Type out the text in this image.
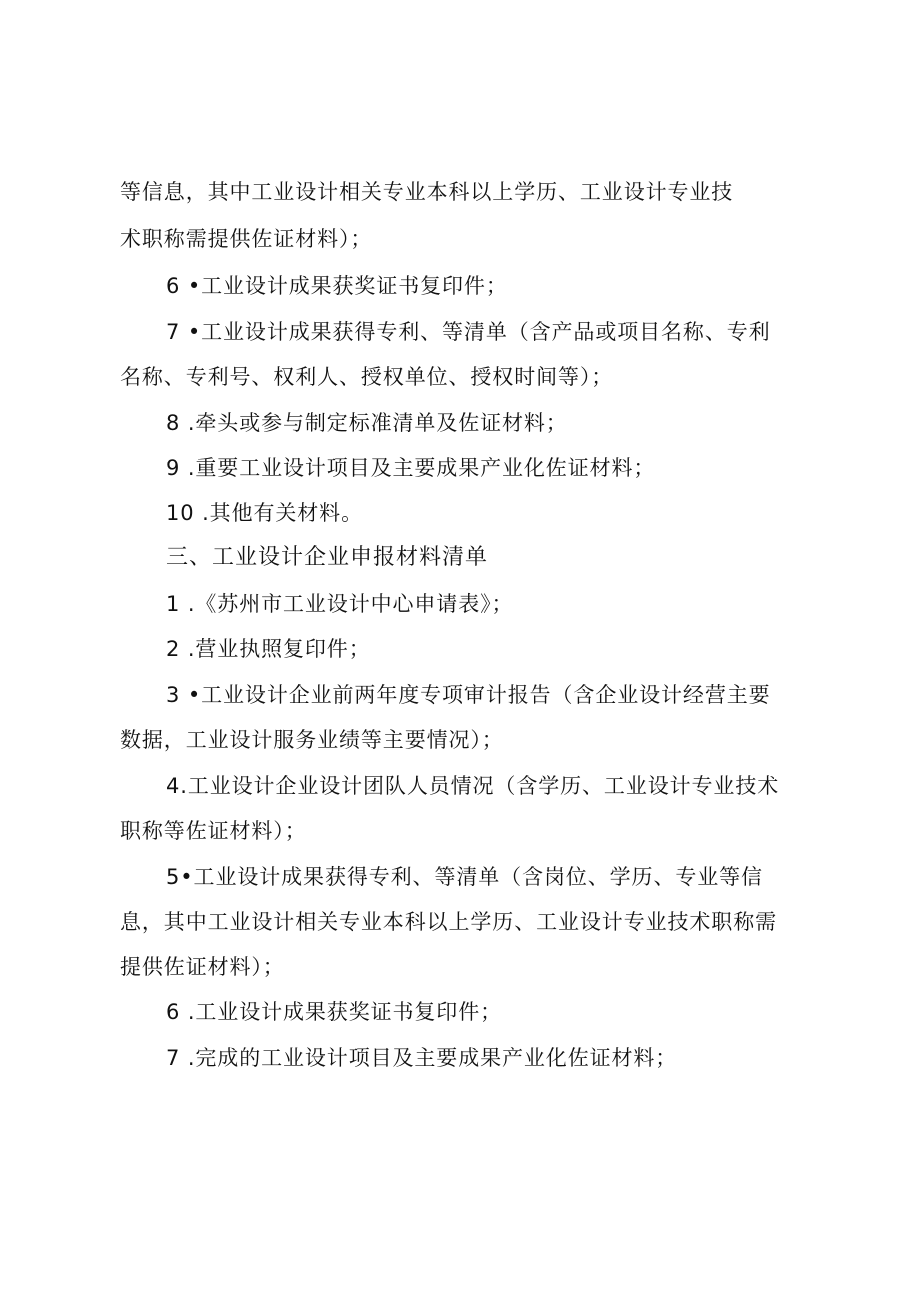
等信息，其中工业设计相关专业本科以上学历、工业设计专业技
术职称需提供佐证材料）；
6 •工业设计成果获奖证书复印件；
7 •工业设计成果获得专利、等清单（含产品或项目名称、专利
名称、专利号、权利人、授权单位、授权时间等）；
8 .牵头或参与制定标准清单及佐证材料；
9 .重要工业设计项目及主要成果产业化佐证材料；
10 .其他有关材料。
三、工业设计企业申报材料清单
1 .《苏州市工业设计中心申请表》；
2 .营业执照复印件；
3 •工业设计企业前两年度专项审计报告（含企业设计经营主要
数据，工业设计服务业绩等主要情况）；
4.工业设计企业设计团队人员情况（含学历、工业设计专业技术
职称等佐证材料）；
5•工业设计成果获得专利、等清单（含岗位、学历、专业等信
息，其中工业设计相关专业本科以上学历、工业设计专业技术职称需
提供佐证材料）；
6 .工业设计成果获奖证书复印件；
7 .完成的工业设计项目及主要成果产业化佐证材料；
